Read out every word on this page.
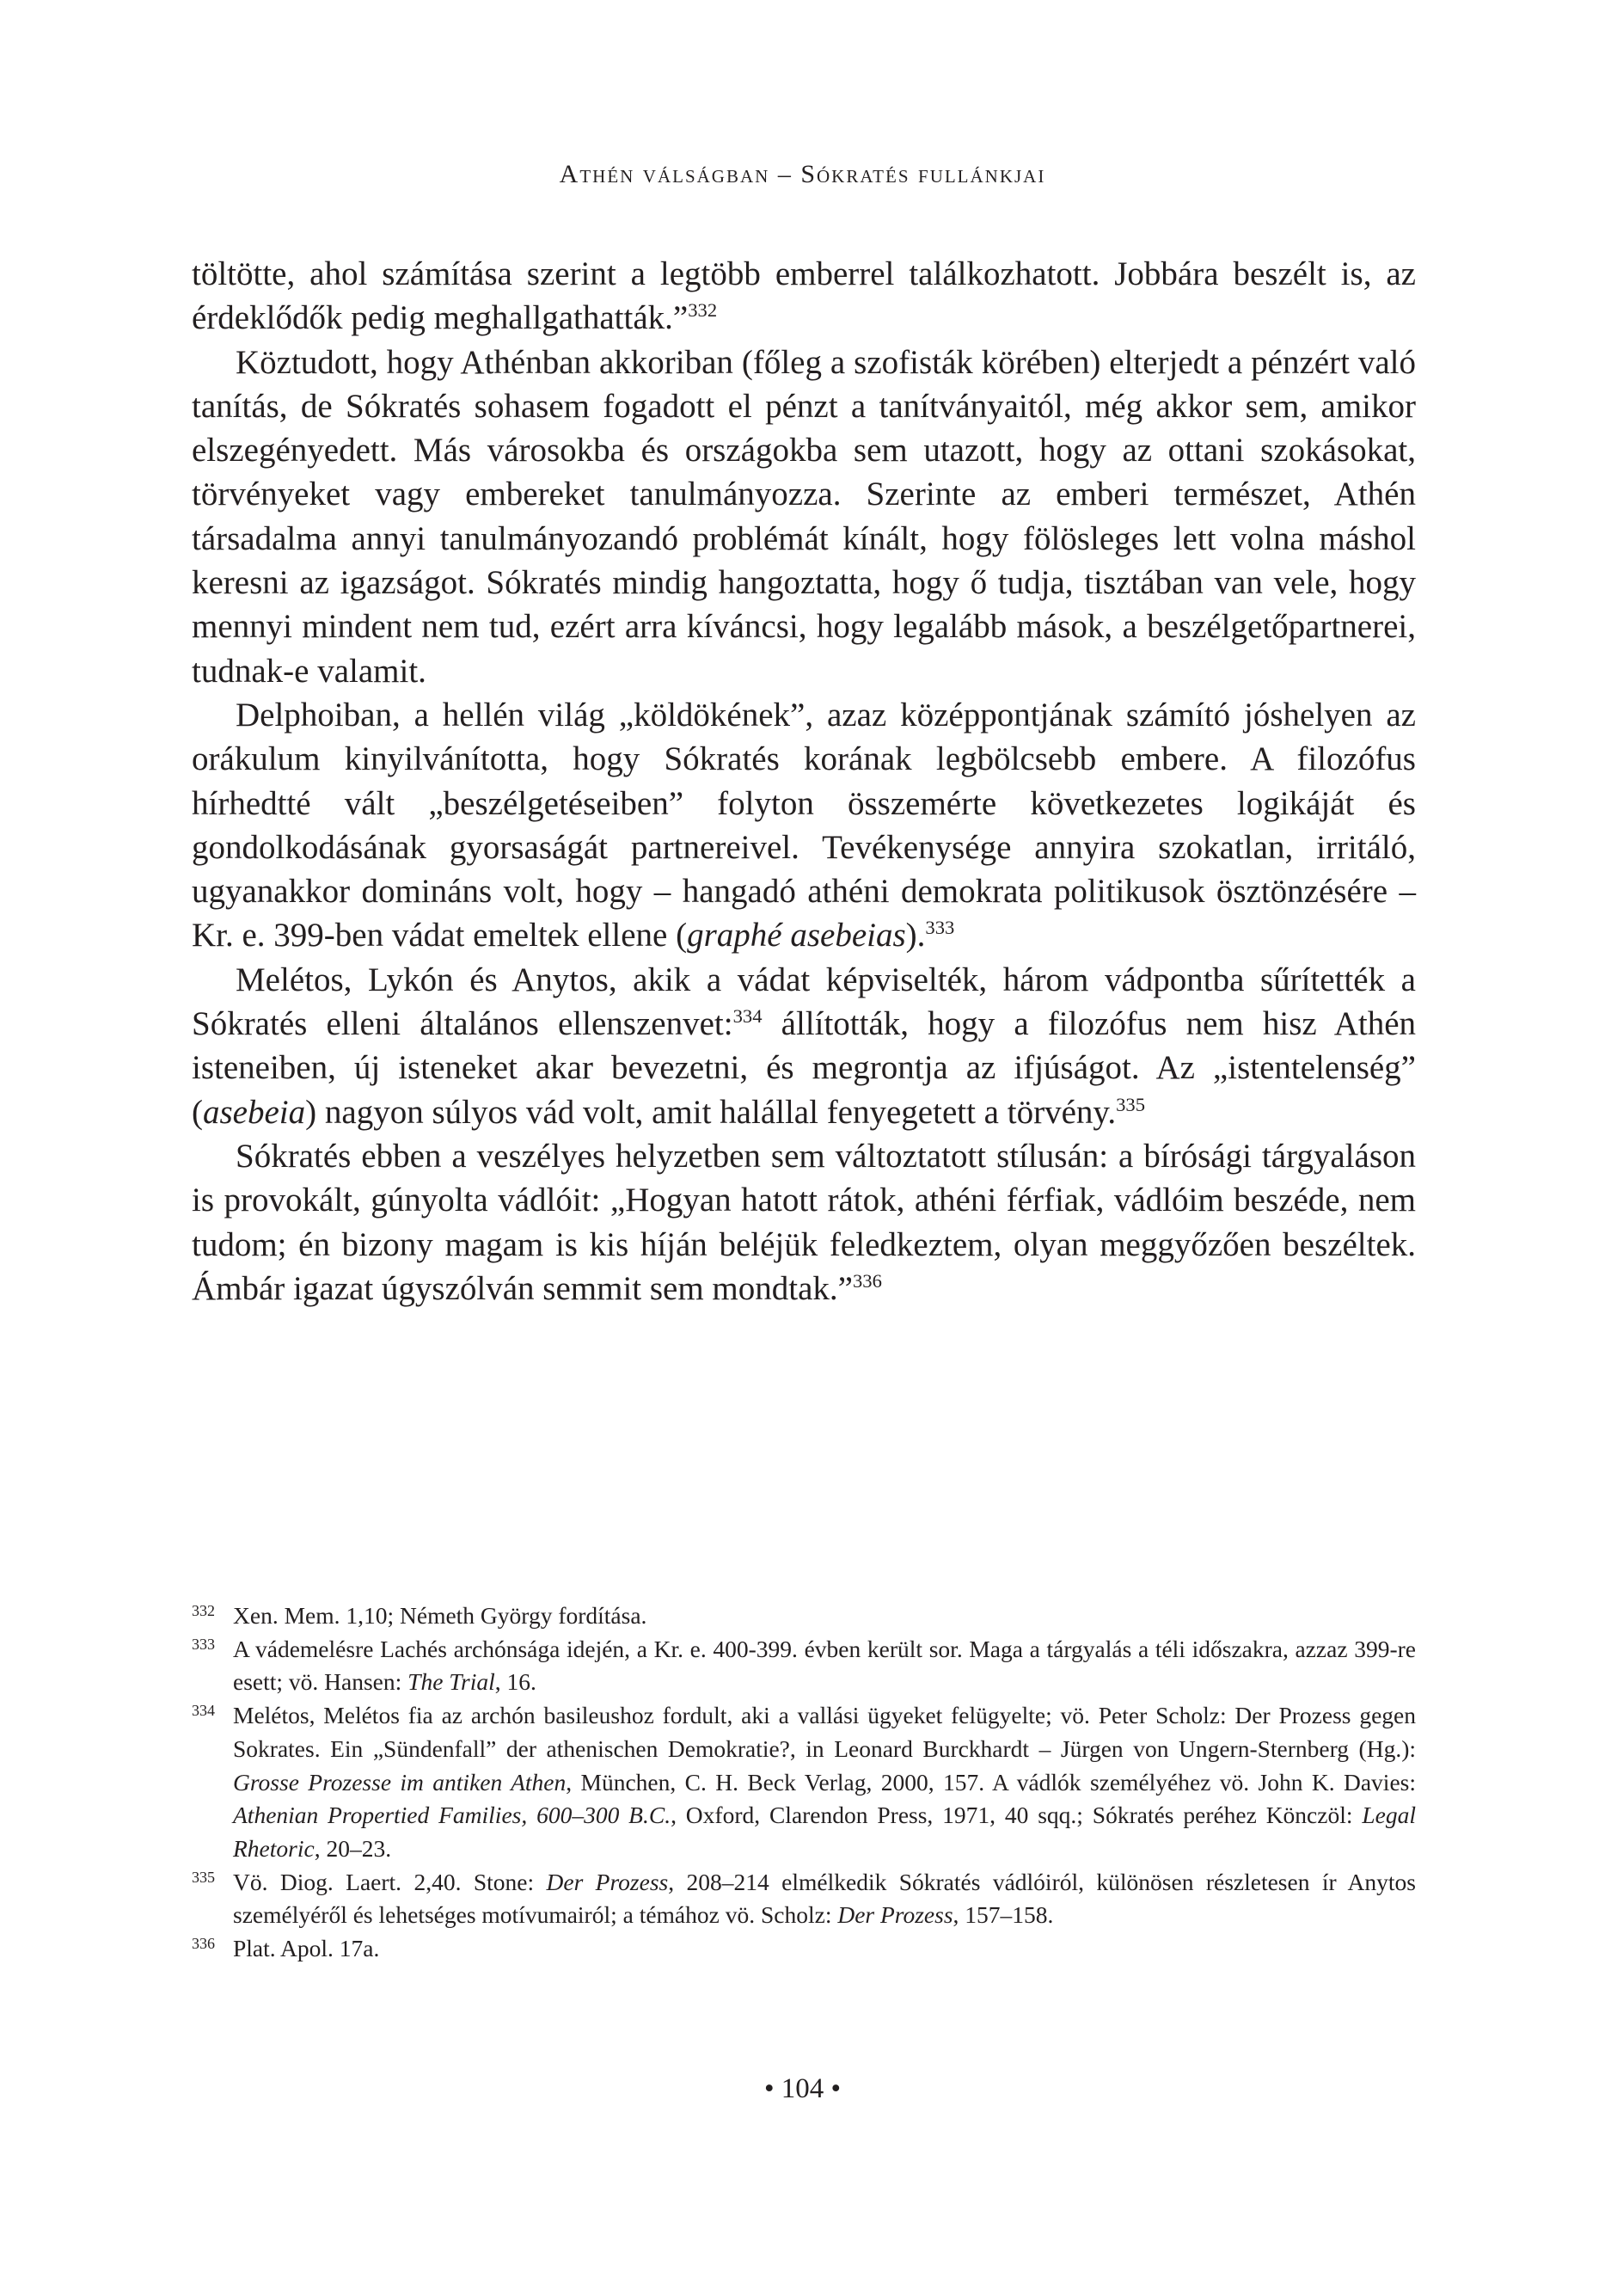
Athén válságban – Sókratés fullánkjai

töltötte, ahol számítása szerint a legtöbb emberrel találkozhatott. Jobbára beszélt is, az érdeklődők pedig meghallgathatták.”$^{332}$

Köztudott, hogy Athénban akkoriban (főleg a szofisták körében) elterjedt a pénzért való tanítás, de Sókratés sohasem fogadott el pénzt a tanítványaitól, még akkor sem, amikor elszegényedett. Más városokba és országokba sem utazott, hogy az ottani szokásokat, törvényeket vagy embereket tanulmányozza. Szerinte az emberi természet, Athén társadalma annyi tanulmányozandó problémát kínált, hogy fölösleges lett volna máshol keresni az igazságot. Sókratés mindig hangoztatta, hogy ő tudja, tisztában van vele, hogy mennyi mindent nem tud, ezért arra kíváncsi, hogy legalább mások, a beszélgetőpartnerei, tudnak-e valamit.

Delphoiban, a hellén világ „köldökének”, azaz középpontjának számító jóshelyen az orákulum kinyilvánította, hogy Sókratés korának legbölcsebb embere. A filozófus hírhedtté vált „beszélgetéseiben” folyton összemérte következetes logikáját és gondolkodásának gyorsaságát partnereivel. Tevékenysége annyira szokatlan, irritáló, ugyanakkor domináns volt, hogy – hangadó athéni demokrata politikusok ösztönzésére – Kr. e. 399-ben vádat emeltek ellene (graphé asebeias).$^{333}$

Melétos, Lykón és Anytos, akik a vádat képviselték, három vádpontba sűrítették a Sókratés elleni általános ellenszenvet:$^{334}$ állították, hogy a filozófus nem hisz Athén isteneiben, új isteneket akar bevezetni, és megrontja az ifjúságot. Az „istentelenség” (asebeia) nagyon súlyos vád volt, amit halállal fenyegetett a törvény.$^{335}$

Sókratés ebben a veszélyes helyzetben sem változtatott stílusán: a bírósági tárgyaláson is provokált, gúnyolta vádlóit: „Hogyan hatott rátok, athéni férfiak, vádlóim beszéde, nem tudom; én bizony magam is kis híján beléjük feledkeztem, olyan meggyőzően beszéltek. Ámbár igazat úgyszólván semmit sem mondtak.”$^{336}$

332 Xen. Mem. 1,10; Németh György fordítása.

333 A vádemelésre Lachés archónsága idején, a Kr. e. 400-399. évben került sor. Maga a tárgyalás a téli időszakra, azzaz 399-re esett; vö. Hansen: The Trial, 16.

334 Melétos, Melétos fia az archón basileushoz fordult, aki a vallási ügyeket felügyelte; vö. Peter Scholz: Der Prozess gegen Sokrates. Ein „Sündenfall” der athenischen Demokratie?, in Leonard Burckhardt – Jürgen von Ungern-Sternberg (Hg.): Grosse Prozesse im antiken Athen, München, C. H. Beck Verlag, 2000, 157. A vádlók személyéhez vö. John K. Davies: Athenian Propertied Families, 600–300 B.C., Oxford, Clarendon Press, 1971, 40 sqq.; Sókratés peréhez Könczöl: Legal Rhetoric, 20–23.

335 Vö. Diog. Laert. 2,40. Stone: Der Prozess, 208–214 elmélkedik Sókratés vádlóiról, különösen részletesen ír Anytos személyéről és lehetséges motívumairól; a témához vö. Scholz: Der Prozess, 157–158.

336 Plat. Apol. 17a.

• 104 •
